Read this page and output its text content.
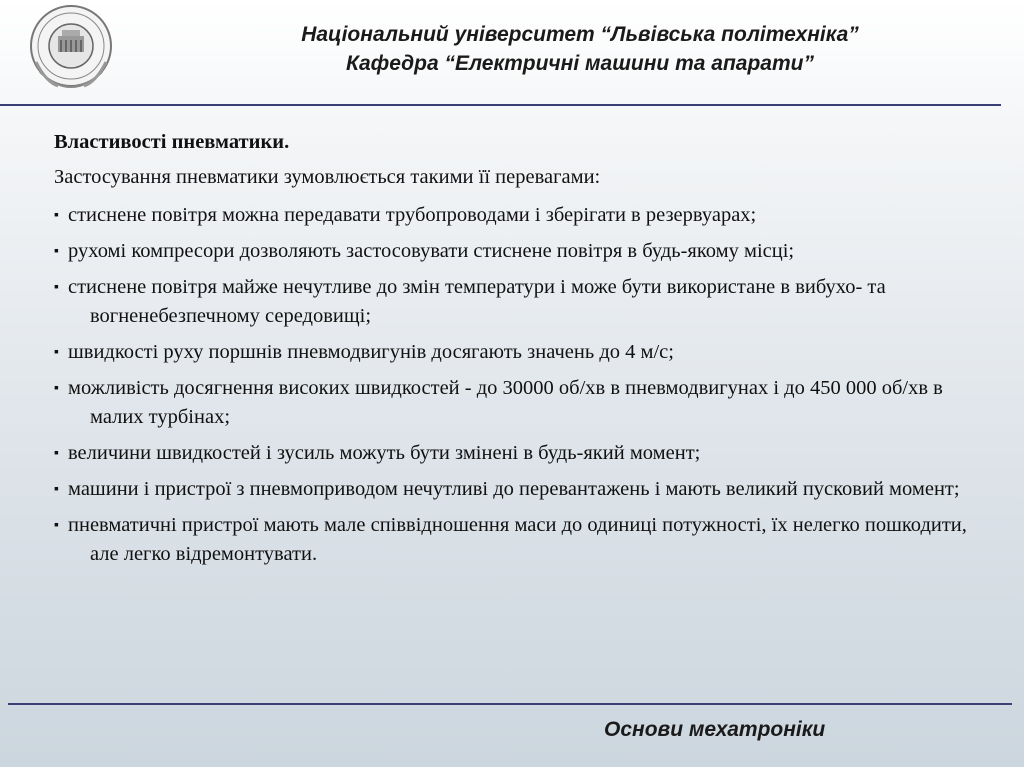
Національний університет “Львівська політехніка”
Кафедра “Електричні машини та апарати”

Властивості пневматики.

Застосування пневматики зумовлюється такими її перевагами:

▪ стиснене повітря можна передавати трубопроводами і зберігати в резервуарах;

▪ рухомі компресори дозволяють застосовувати стиснене повітря в будь-якому місці;

▪ стиснене повітря майже нечутливе до змін температури і може бути використане в вибухо- та вогненебезпечному середовищі;

▪ швидкості руху поршнів пневмодвигунів досягають значень до 4 м/с;

▪ можливість досягнення високих швидкостей - до 30000 об/хв в пневмодвигунах і до 450 000 об/хв в малих турбінах;

▪ величини швидкостей і зусиль можуть бути змінені в будь-який момент;

▪ машини і пристрої з пневмоприводом нечутливі до перевантажень і мають великий пусковий момент;

▪ пневматичні пристрої мають мале співвідношення маси до одиниці потужності, їх нелегко пошкодити, але легко відремонтувати.

Основи мехатроніки
